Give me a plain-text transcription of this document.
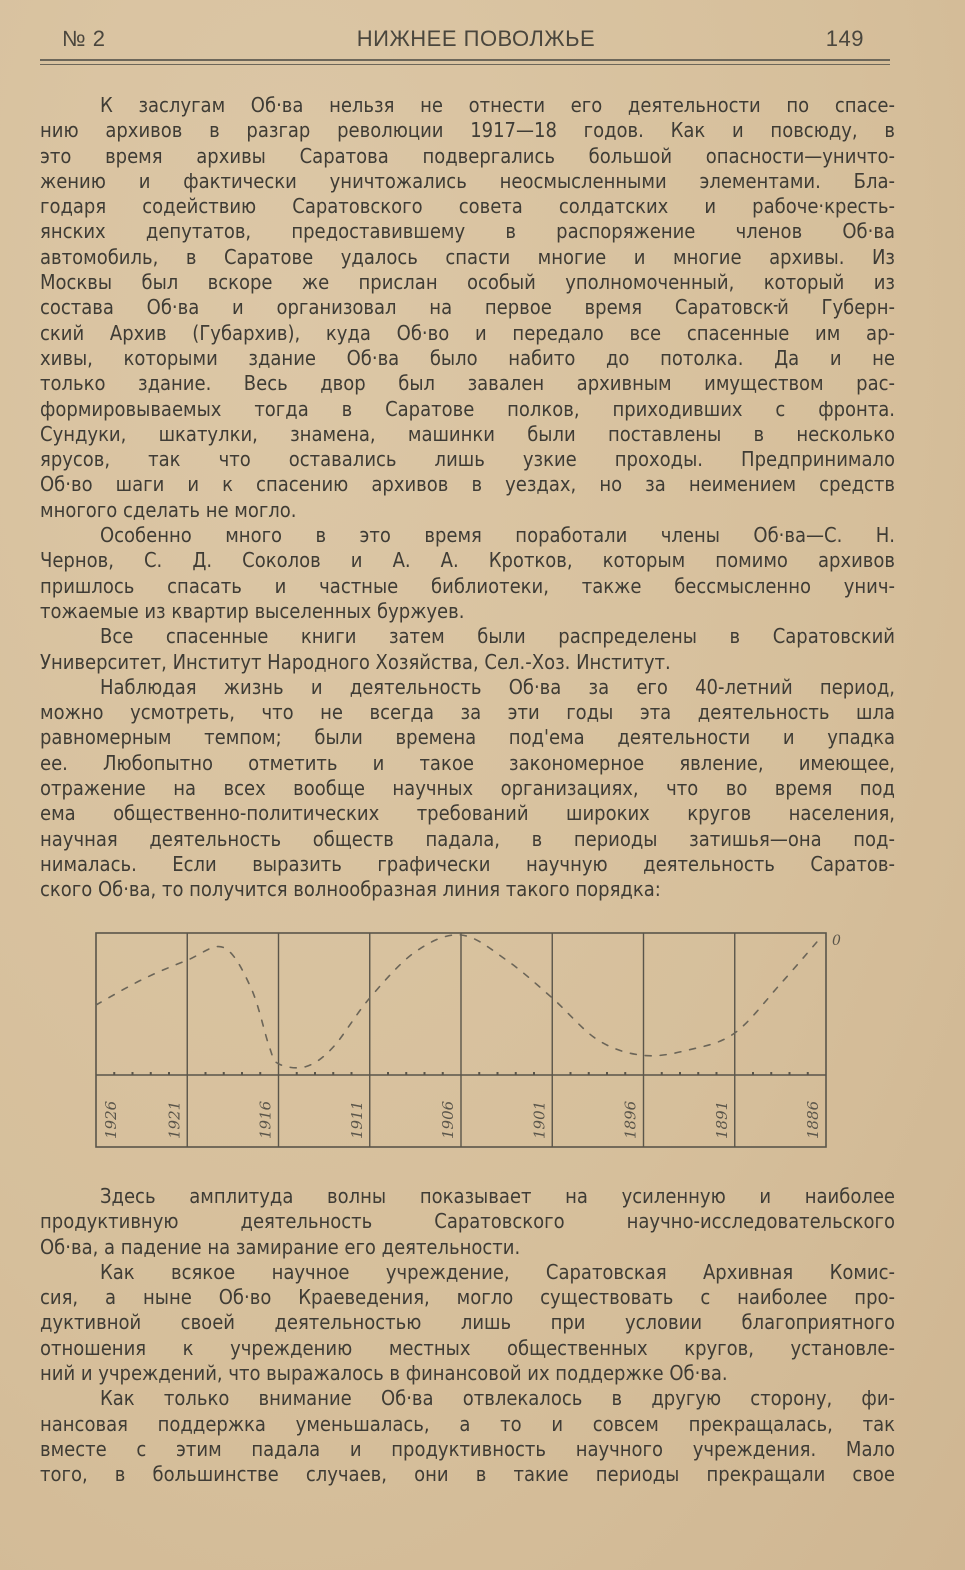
№ 2	НИЖНЕЕ ПОВОЛЖЬЕ	149
К заслугам Об·ва нельзя не отнести его деятельности по спасе-
нию архивов в разгар революции 1917—18 годов. Как и повсюду, в
это время архивы Саратова подвергались большой опасности—уничто-
жению и фактически уничтожались неосмысленными элементами. Бла-
годаря содействию Саратовского совета солдатских и рабоче·кресть-
янских депутатов, предоставившему в распоряжение членов Об·ва
автомобиль, в Саратове удалось спасти многие и многие архивы. Из
Москвы был вскоре же прислан особый уполномоченный, который из
состава Об·ва и организовал на первое время Саратовск᠊й Губерн-
ский Архив (Губархив), куда Об·во и передало все спасенные им ар-
хивы, которыми здание Об·ва было набито до потолка. Да и не
только здание. Весь двор был завален архивным имуществом рас-
формировываемых тогда в Саратове полков, приходивших с фронта.
Сундуки, шкатулки, знамена, машинки были поставлены в несколько
ярусов, так что оставались лишь узкие проходы. Предпринимало
Об·во шаги и к спасению архивов в уездах, но за неимением средств
многого сделать не могло.
Особенно много в это время поработали члены Об·ва—С. Н.
Чернов, С. Д. Соколов и А. А. Кротков, которым помимо архивов
пришлось спасать и частные библиотеки, также бессмысленно унич-
тожаемые из квартир выселенных буржуев.
Все спасенные книги затем были распределены в Саратовский
Университет, Институт Народного Хозяйства, Сел.-Хоз. Институт.
Наблюдая жизнь и деятельность Об·ва за его 40-летний период,
можно усмотреть, что не всегда за эти годы эта деятельность шла
равномерным темпом; были времена под'ема деятельности и упадка
ее. Любопытно отметить и такое закономерное явление, имеющее,
отражение на всех вообще научных организациях, что во время под
ема общественно-политических требований широких кругов населения,
научная деятельность обществ падала, в периоды затишья—она под-
нималась. Если выразить графически научную деятельность Саратов-
ского Об·ва, то получится волнообразная линия такого порядка:
1926	1921	1916	1911	1906	1901	1896	1891	1886
0
Здесь амплитуда волны показывает на усиленную и наиболее
продуктивную деятельность Саратовского научно-исследовательского
Об·ва, а падение на замирание его деятельности.
Как всякое научное учреждение, Саратовская Архивная Комис-
сия, а ныне Об·во Краеведения, могло существовать с наиболее про-
дуктивной своей деятельностью лишь при условии благоприятного
отношения к учреждению местных общественных кругов, установле-
ний и учреждений, что выражалось в финансовой их поддержке Об·ва.
Как только внимание Об·ва отвлекалось в другую сторону, фи-
нансовая поддержка уменьшалась, а то и совсем прекращалась, так
вместе с этим падала и продуктивность научного учреждения. Мало
того, в большинстве случаев, они в такие периоды прекращали свое
